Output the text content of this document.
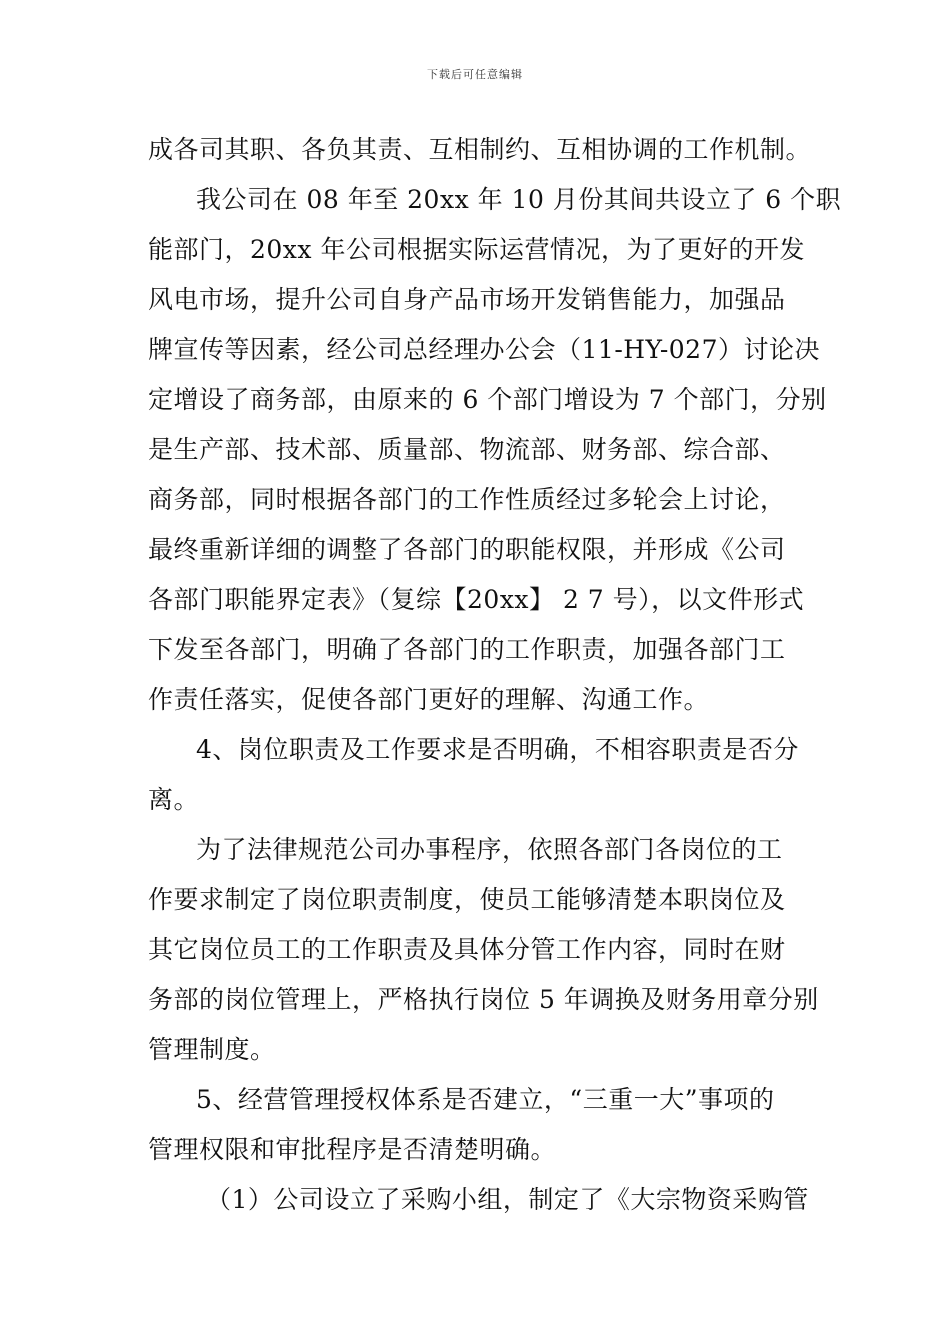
下载后可任意编辑
成各司其职、各负其责、互相制约、互相协调的工作机制。
我公司在 08 年至 20xx 年 10 月份其间共设立了 6 个职
能部门，20xx 年公司根据实际运营情况，为了更好的开发
风电市场，提升公司自身产品市场开发销售能力，加强品
牌宣传等因素，经公司总经理办公会（11-HY-027）讨论决
定增设了商务部，由原来的 6 个部门增设为 7 个部门，分别
是生产部、技术部、质量部、物流部、财务部、综合部、
商务部，同时根据各部门的工作性质经过多轮会上讨论，
最终重新详细的调整了各部门的职能权限，并形成《公司
各部门职能界定表》（复综【20xx】 2 7 号），以文件形式
下发至各部门，明确了各部门的工作职责，加强各部门工
作责任落实，促使各部门更好的理解、沟通工作。
4、岗位职责及工作要求是否明确，不相容职责是否分
离。
为了法律规范公司办事程序，依照各部门各岗位的工
作要求制定了岗位职责制度，使员工能够清楚本职岗位及
其它岗位员工的工作职责及具体分管工作内容，同时在财
务部的岗位管理上，严格执行岗位 5 年调换及财务用章分别
管理制度。
5、经营管理授权体系是否建立，“三重一大”事项的
管理权限和审批程序是否清楚明确。
（1）公司设立了采购小组，制定了《大宗物资采购管
